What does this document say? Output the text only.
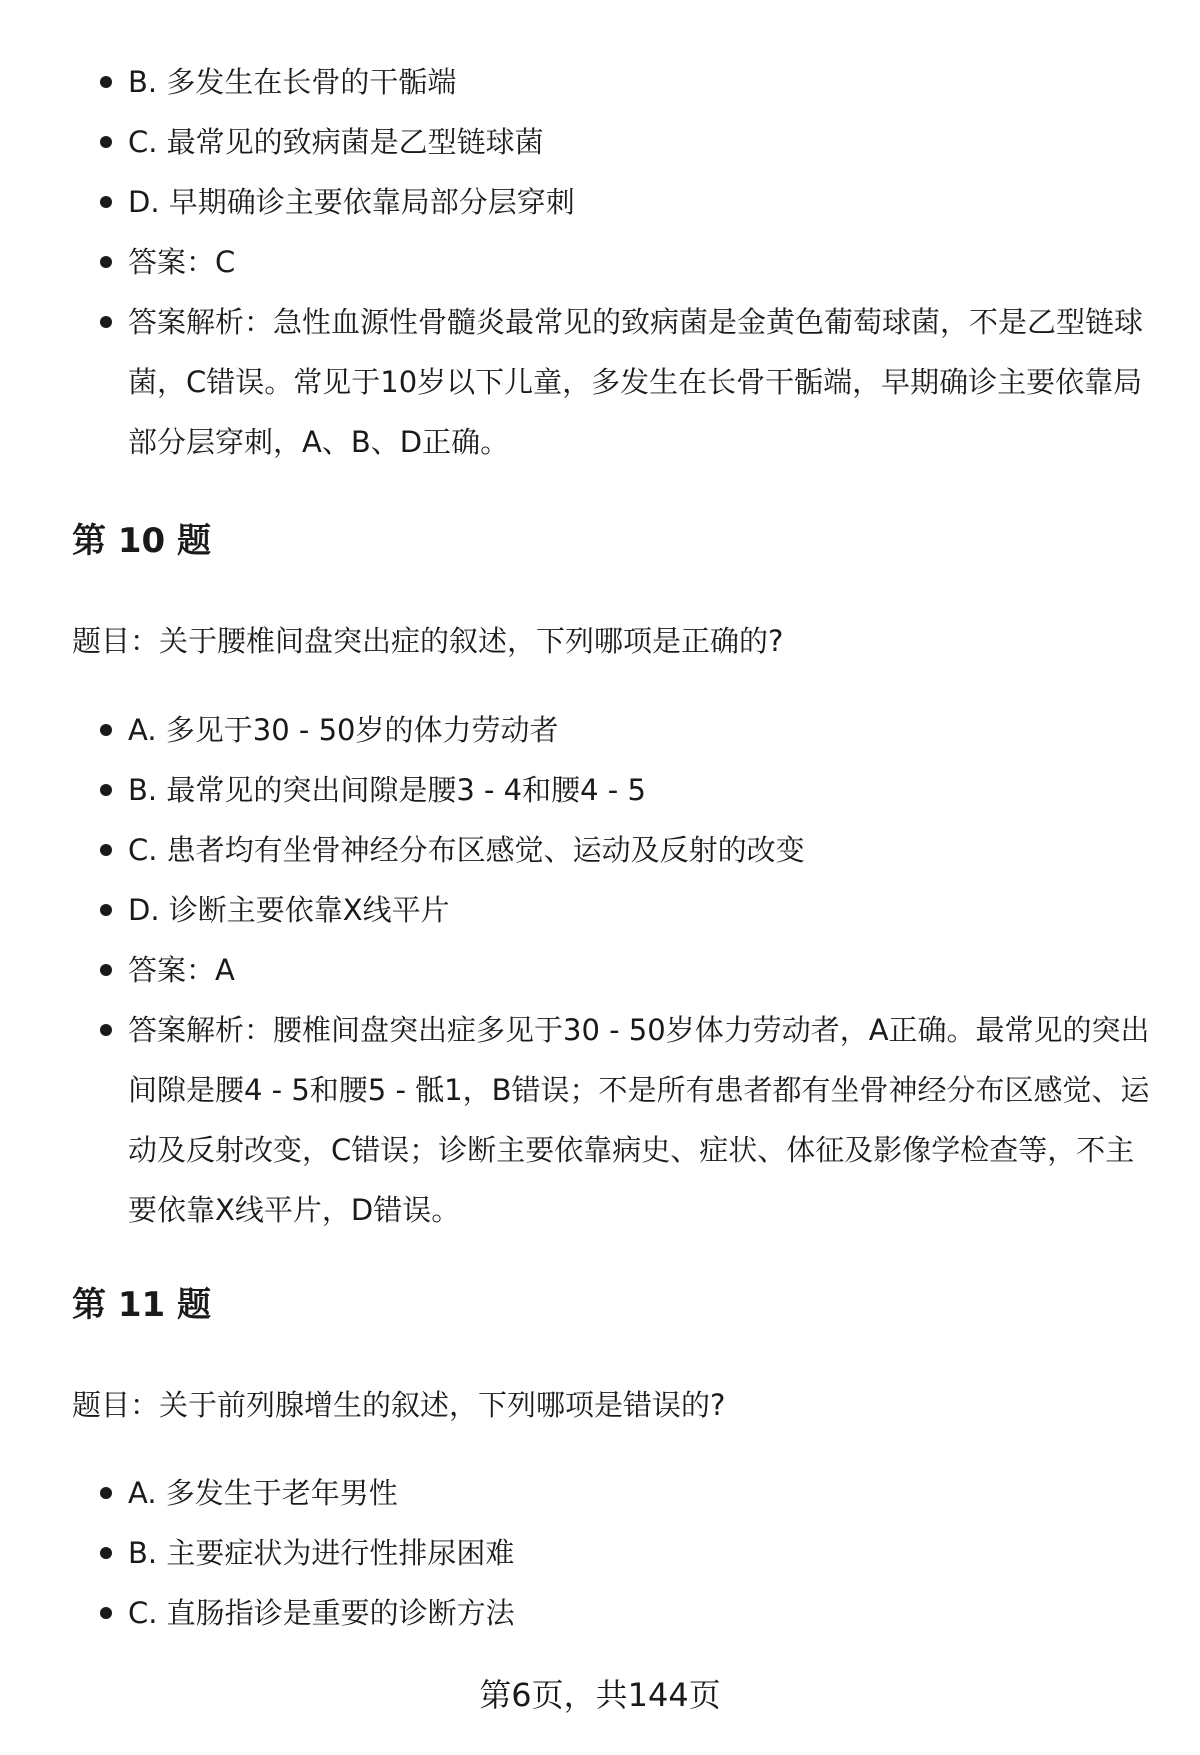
B. 多发生在长骨的干骺端
C. 最常见的致病菌是乙型链球菌
D. 早期确诊主要依靠局部分层穿刺
答案：C
答案解析：急性血源性骨髓炎最常见的致病菌是金黄色葡萄球菌，不是乙型链球菌，C错误。常见于10岁以下儿童，多发生在长骨干骺端，早期确诊主要依靠局部分层穿刺，A、B、D正确。
第 10 题

题目：关于腰椎间盘突出症的叙述，下列哪项是正确的?

A. 多见于30 - 50岁的体力劳动者
B. 最常见的突出间隙是腰3 - 4和腰4 - 5
C. 患者均有坐骨神经分布区感觉、运动及反射的改变
D. 诊断主要依靠X线平片
答案：A
答案解析：腰椎间盘突出症多见于30 - 50岁体力劳动者，A正确。最常见的突出间隙是腰4 - 5和腰5 - 骶1，B错误；不是所有患者都有坐骨神经分布区感觉、运动及反射改变，C错误；诊断主要依靠病史、症状、体征及影像学检查等，不主要依靠X线平片，D错误。
第 11 题

题目：关于前列腺增生的叙述，下列哪项是错误的?

A. 多发生于老年男性
B. 主要症状为进行性排尿困难
C. 直肠指诊是重要的诊断方法
第6页，共144页
